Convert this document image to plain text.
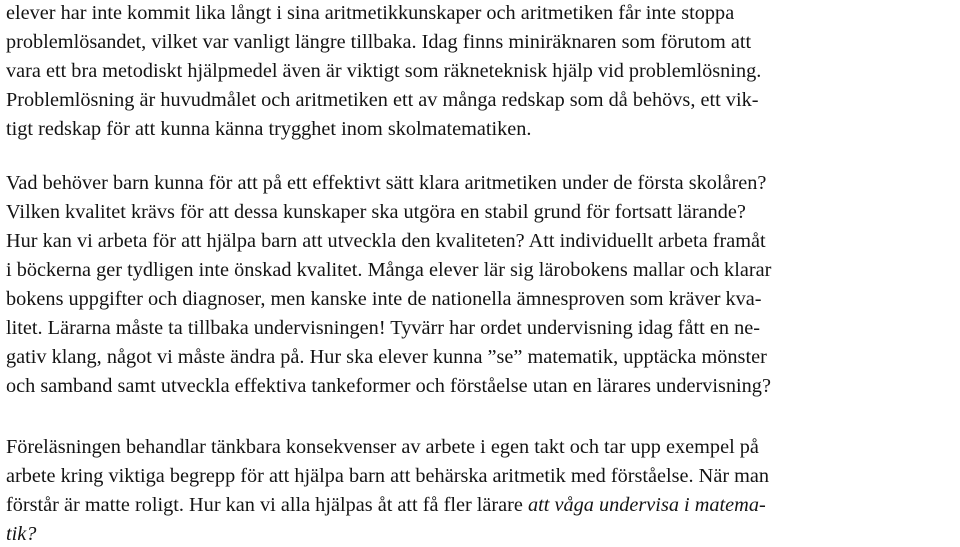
elever har inte kommit lika långt i sina aritmetikkunskaper och aritmetiken får inte stoppa
problemlösandet, vilket var vanligt längre tillbaka. Idag finns miniräknaren som förutom att
vara ett bra metodiskt hjälpmedel även är viktigt som räkneteknisk hjälp vid problemlösning.
Problemlösning är huvudmålet och aritmetiken ett av många redskap som då behövs, ett vik-
tigt redskap för att kunna känna trygghet inom skolmatematiken.
Vad behöver barn kunna för att på ett effektivt sätt klara aritmetiken under de första skolåren?
Vilken kvalitet krävs för att dessa kunskaper ska utgöra en stabil grund för fortsatt lärande?
Hur kan vi arbeta för att hjälpa barn att utveckla den kvaliteten? Att individuellt arbeta framåt
i böckerna ger tydligen inte önskad kvalitet. Många elever lär sig lärobokens mallar och klarar
bokens uppgifter och diagnoser, men kanske inte de nationella ämnesproven som kräver kva-
litet. Lärarna måste ta tillbaka undervisningen! Tyvärr har ordet undervisning idag fått en ne-
gativ klang, något vi måste ändra på. Hur ska elever kunna ”se” matematik, upptäcka mönster
och samband samt utveckla effektiva tankeformer och förståelse utan en lärares undervisning?
Föreläsningen behandlar tänkbara konsekvenser av arbete i egen takt och tar upp exempel på
arbete kring viktiga begrepp för att hjälpa barn att behärska aritmetik med förståelse. När man
förstår är matte roligt. Hur kan vi alla hjälpas åt att få fler lärare att våga undervisa i matema-
tik?
